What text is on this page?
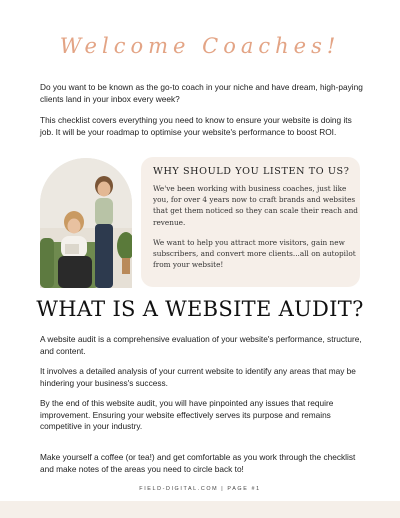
Welcome Coaches!

Do you want to be known as the go-to coach in your niche and have dream, high-paying clients land in your inbox every week?

This checklist covers everything you need to know to ensure your website is doing its job. It will be your roadmap to optimise your website's performance to boost ROI.

WHY SHOULD YOU LISTEN TO US?

We've been working with business coaches, just like you, for over 4 years now to craft brands and websites that get them noticed so they can scale their reach and revenue.

We want to help you attract more visitors, gain new subscribers, and convert more clients...all on autopilot from your website!

WHAT IS A WEBSITE AUDIT?

A website audit is a comprehensive evaluation of your website's performance, structure, and content.

It involves a detailed analysis of your current website to identify any areas that may be hindering your business's success.

By the end of this website audit, you will have pinpointed any issues that require improvement. Ensuring your website effectively serves its purpose and remains competitive in your industry.

Make yourself a coffee (or tea!) and get comfortable as you work through the checklist and make notes of the areas you need to circle back to!

FIELD-DIGITAL.COM | PAGE #1
